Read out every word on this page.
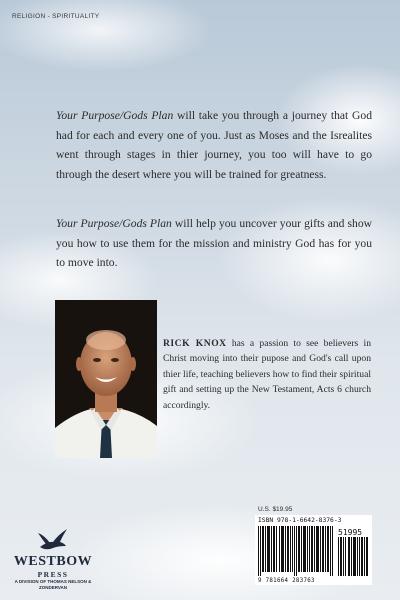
RELIGION - SPIRITUALITY
Your Purpose/Gods Plan will take you through a journey that God had for each and every one of you. Just as Moses and the Isrealites went through stages in thier journey, you too will have to go through the desert where you will be trained for greatness.
Your Purpose/Gods Plan will help you uncover your gifts and show you how to use them for the mission and ministry God has for you to move into.
RICK KNOX has a passion to see believers in Christ moving into their pupose and God's call upon thier life, teaching believers how to find their spiritual gift and setting up the New Testament, Acts 6 church accordingly.
U.S. $19.95
ISBN 978-1-6642-8376-3
51995
9 781664 283763
WESTBOW
PRESS
A DIVISION OF THOMAS NELSON & ZONDERVAN
